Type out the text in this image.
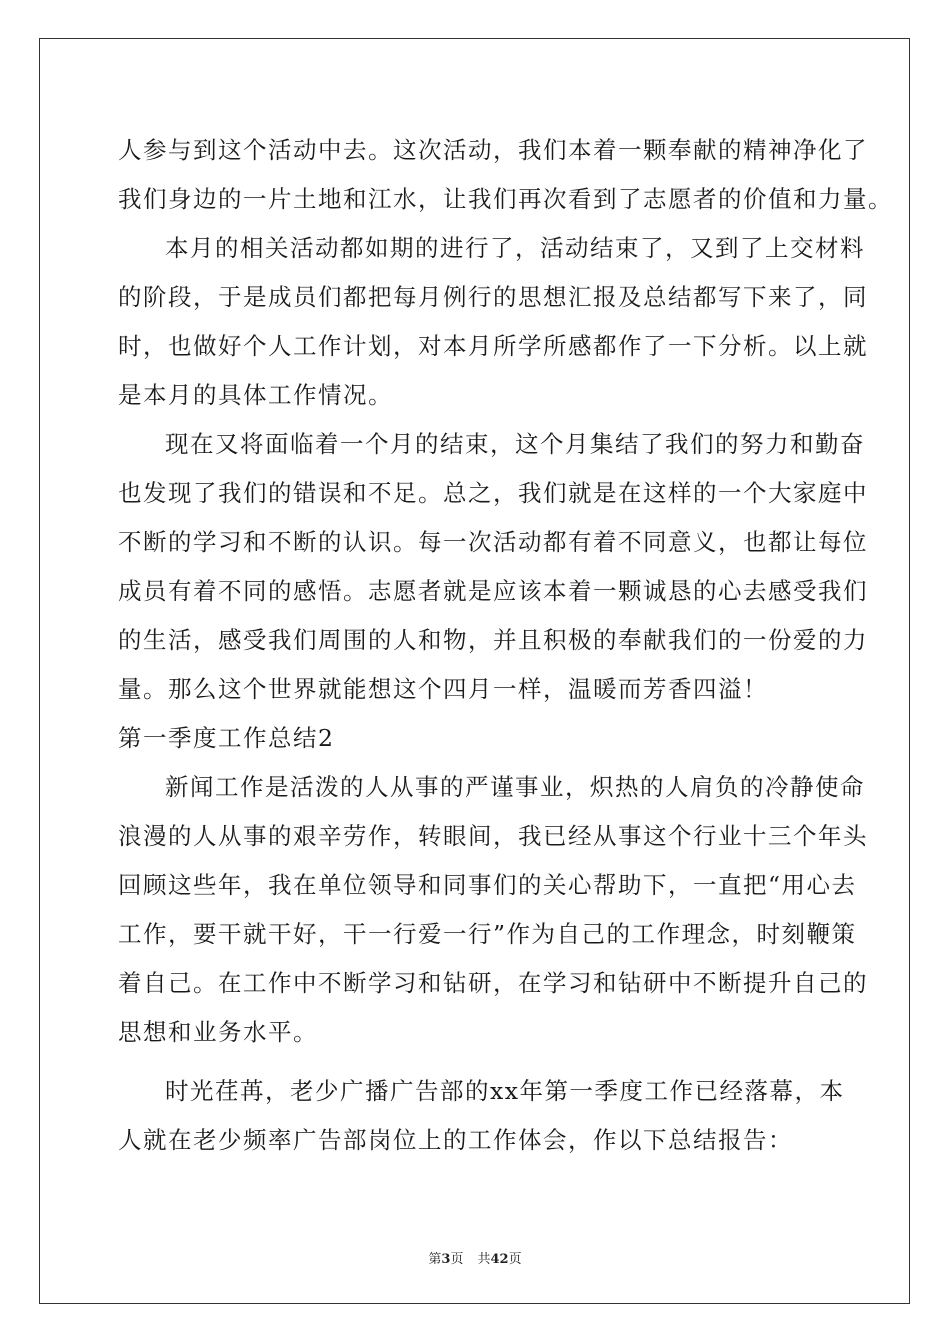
人参与到这个活动中去。这次活动，我们本着一颗奉献的精神净化了
我们身边的一片土地和江水，让我们再次看到了志愿者的价值和力量。
本月的相关活动都如期的进行了，活动结束了，又到了上交材料
的阶段，于是成员们都把每月例行的思想汇报及总结都写下来了，同
时，也做好个人工作计划，对本月所学所感都作了一下分析。以上就
是本月的具体工作情况。
现在又将面临着一个月的结束，这个月集结了我们的努力和勤奋
也发现了我们的错误和不足。总之，我们就是在这样的一个大家庭中
不断的学习和不断的认识。每一次活动都有着不同意义，也都让每位
成员有着不同的感悟。志愿者就是应该本着一颗诚恳的心去感受我们
的生活，感受我们周围的人和物，并且积极的奉献我们的一份爱的力
量。那么这个世界就能想这个四月一样，温暖而芳香四溢！
第一季度工作总结2
新闻工作是活泼的人从事的严谨事业，炽热的人肩负的冷静使命
浪漫的人从事的艰辛劳作，转眼间，我已经从事这个行业十三个年头
回顾这些年，我在单位领导和同事们的关心帮助下，一直把“用心去
工作，要干就干好，干一行爱一行”作为自己的工作理念，时刻鞭策
着自己。在工作中不断学习和钻研，在学习和钻研中不断提升自己的
思想和业务水平。
时光荏苒，老少广播广告部的xx年第一季度工作已经落幕，本
人就在老少频率广告部岗位上的工作体会，作以下总结报告：
第3页 共42页
